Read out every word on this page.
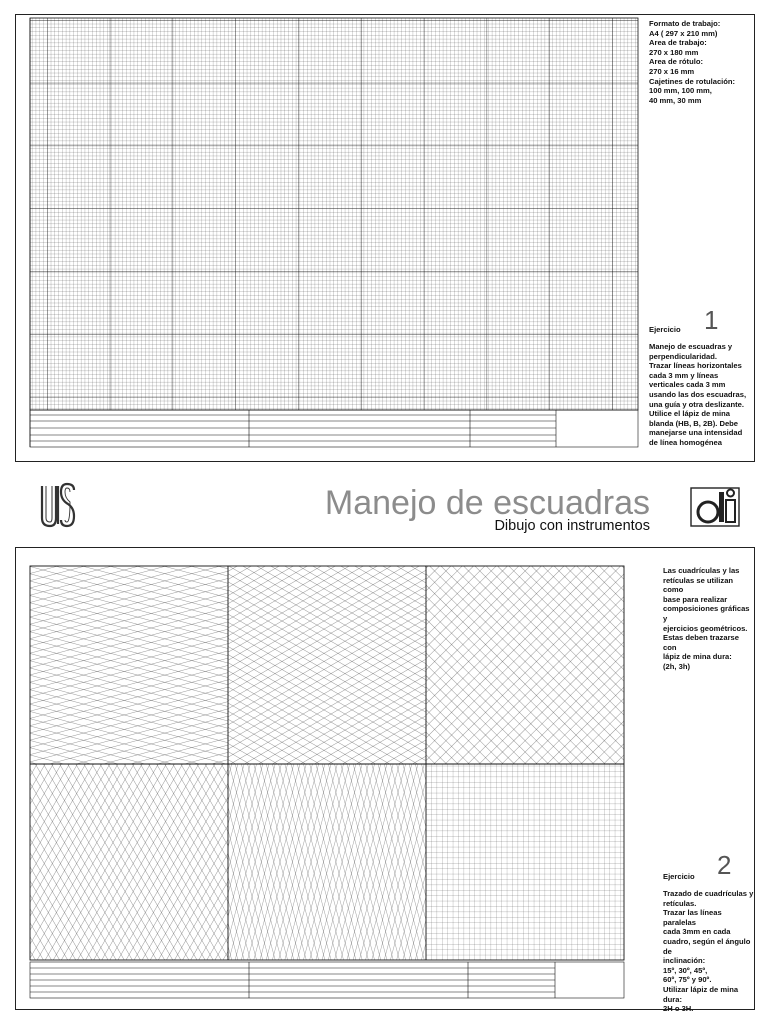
Formato de trabajo:

A4 ( 297 x 210 mm)

Area de trabajo:

270 x 180 mm

Area de rótulo:

270 x 16 mm

Cajetines de rotulación:

100 mm, 100 mm,

40 mm, 30 mm

Ejercicio 1

Manejo de escuadras y

perpendicularidad.

Trazar líneas horizontales

cada 3 mm y líneas

verticales cada 3 mm

usando las dos escuadras,

una guía y otra deslizante.

Utilice el lápiz de mina

blanda (HB, B, 2B). Debe

manejarse una intensidad

de línea homogénea

Manejo de escuadras
Dibujo con instrumentos

Las cuadrículas y las

retículas se utilizan como

base para realizar

composiciones gráficas y

ejercicios geométricos.

Estas deben trazarse con

lápiz de mina dura:

(2h, 3h)

Ejercicio 2

Trazado de cuadrículas y

retículas.

Trazar las líneas paralelas

cada 3mm en cada

cuadro, según el ángulo de

inclinación:

15º, 30º, 45º,

60º, 75º y 90º.

Utilizar lápiz de mina dura:

2H o 3H.
